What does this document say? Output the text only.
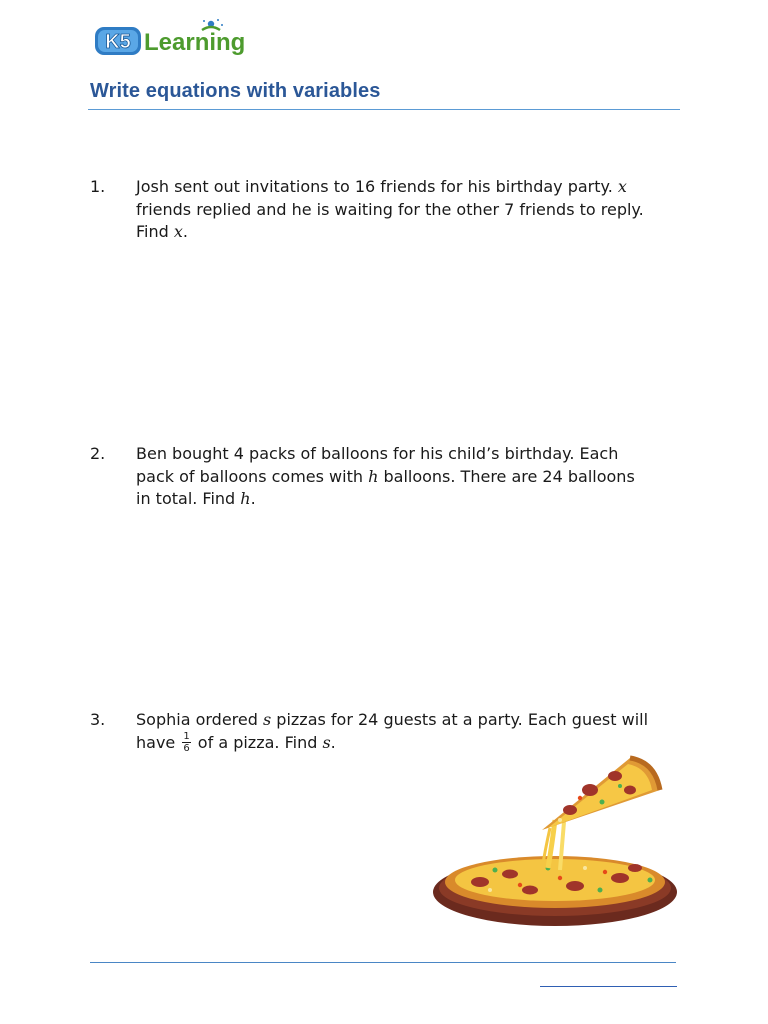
K5 Learning
Write equations with variables
1. Josh sent out invitations to 16 friends for his birthday party. x friends replied and he is waiting for the other 7 friends to reply.
Find x.
2. Ben bought 4 packs of balloons for his child’s birthday. Each
pack of balloons comes with h balloons. There are 24 balloons
in total. Find h.
3. Sophia ordered s pizzas for 24 guests at a party. Each guest will
have $\frac{1}{6}$ of a pizza. Find s.
